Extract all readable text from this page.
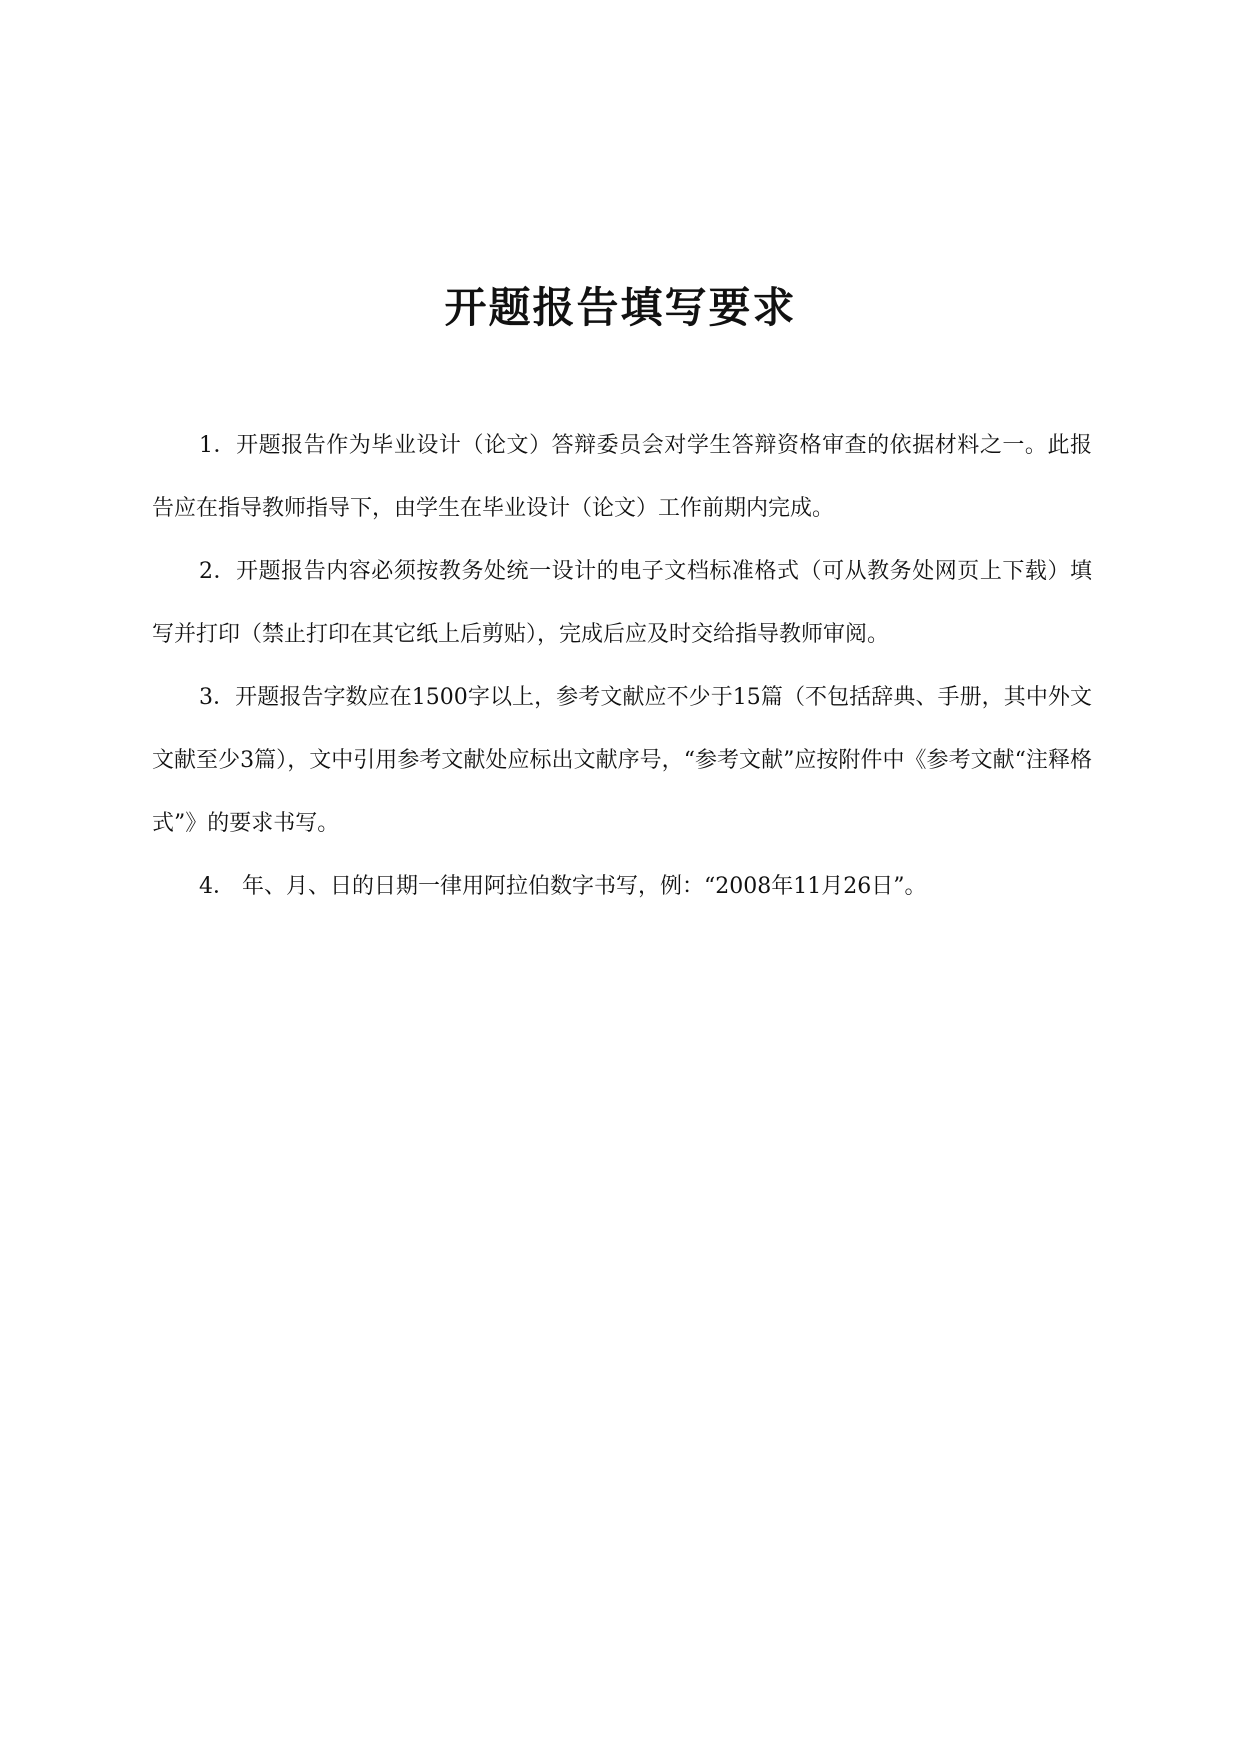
开题报告填写要求

1．开题报告作为毕业设计（论文）答辩委员会对学生答辩资格审查的依据材料之一。此报告应在指导教师指导下，由学生在毕业设计（论文）工作前期内完成。

2．开题报告内容必须按教务处统一设计的电子文档标准格式（可从教务处网页上下载）填写并打印（禁止打印在其它纸上后剪贴），完成后应及时交给指导教师审阅。

3．开题报告字数应在1500字以上，参考文献应不少于15篇（不包括辞典、手册，其中外文文献至少3篇），文中引用参考文献处应标出文献序号，“参考文献”应按附件中《参考文献“注释格式”》的要求书写。

4． 年、月、日的日期一律用阿拉伯数字书写，例：“2008年11月26日”。
